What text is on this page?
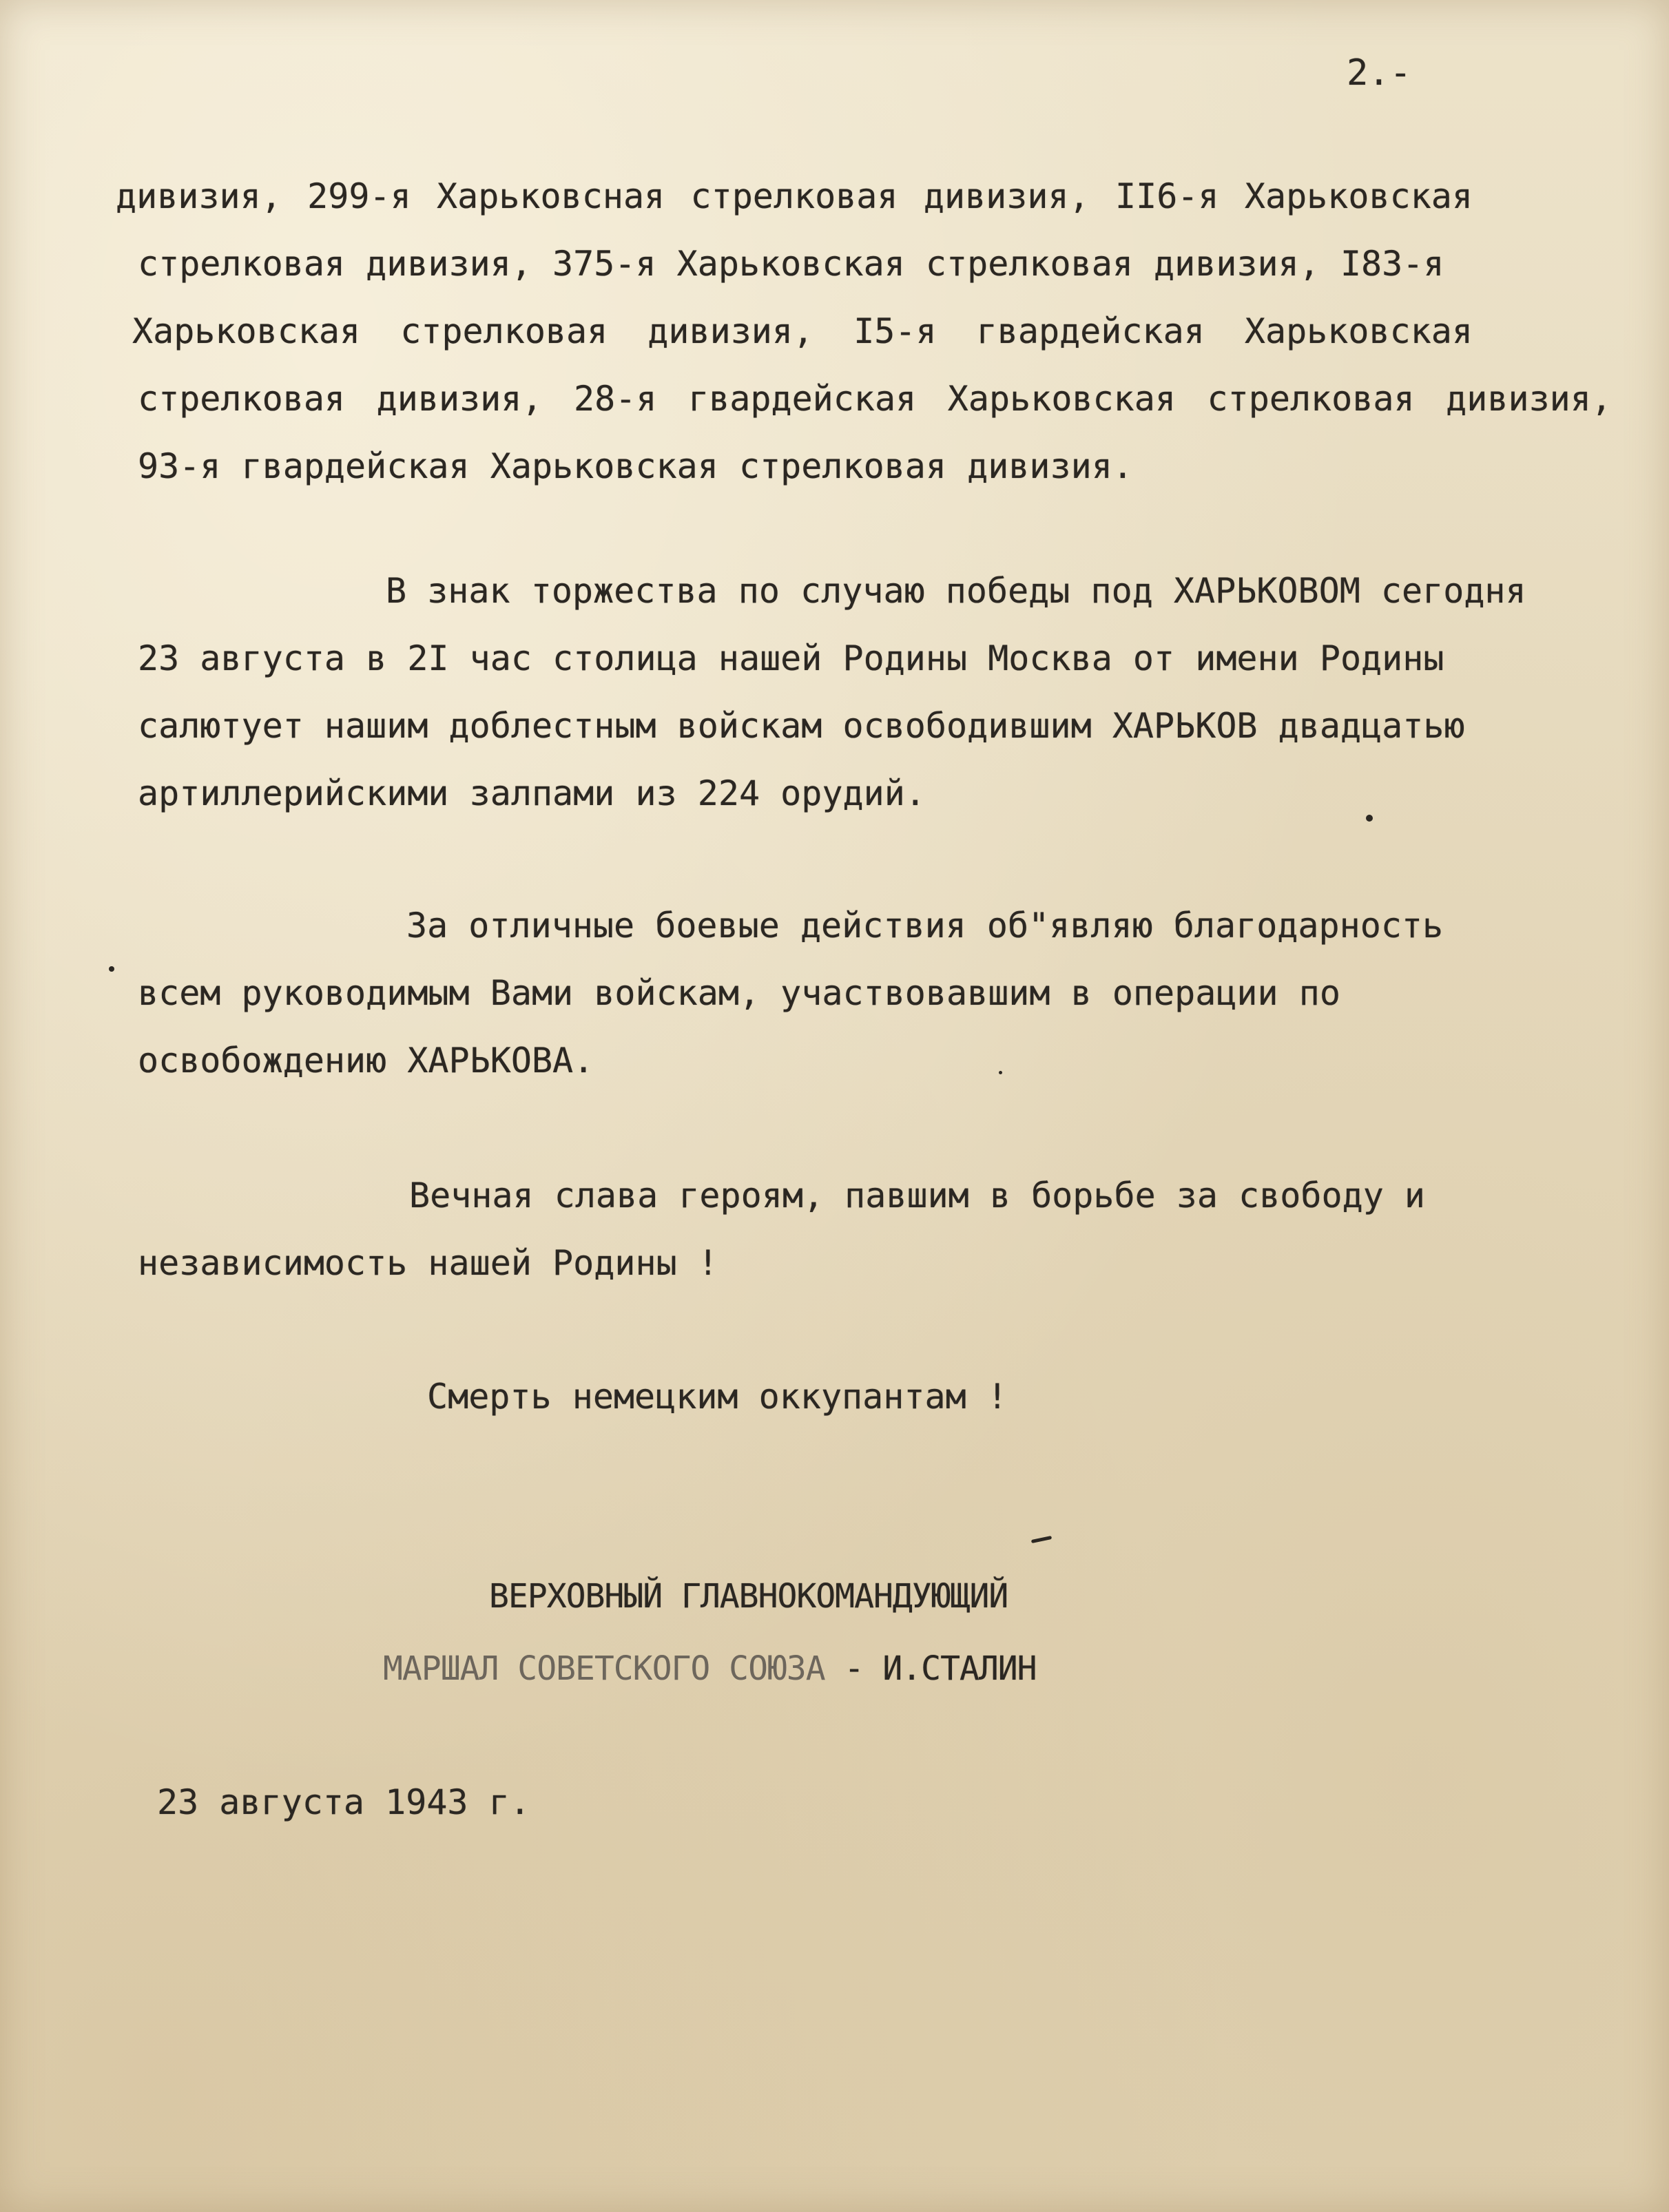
2.-
дивизия, 299-я Харьковсная стрелковая дивизия, II6-я Харьковская
стрелковая дивизия, 375-я Харьковская стрелковая дивизия, I83-я
Харьковская стрелковая дивизия, I5-я гвардейская Харьковская
стрелковая дивизия, 28-я гвардейская Харьковская стрелковая дивизия,
93-я гвардейская Харьковская стрелковая дивизия.
В знак торжества по случаю победы под ХАРЬКОВОМ сегодня
23 августа в 2I час столица нашей Родины Москва от имени Родины
салютует нашим доблестным войскам освободившим ХАРЬКОВ двадцатью
артиллерийскими залпами из 224 орудий.
За отличные боевые действия об"являю благодарность
всем руководимым Вами войскам, участвовавшим в операции по
освобождению ХАРЬКОВА.
Вечная слава героям, павшим в борьбе за свободу и
независимость нашей Родины !
Смерть немецким оккупантам !
ВЕРХОВНЫЙ ГЛАВНОКОМАНДУЮЩИЙ
МАРШАЛ СОВЕТСКОГО СОЮЗА - И.СТАЛИН
23 августа 1943 г.
